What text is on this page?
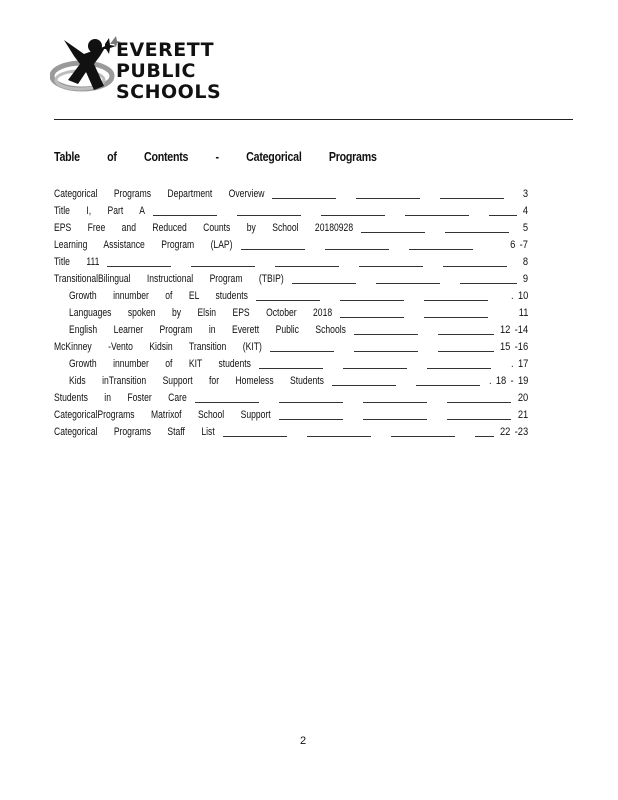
EVERETT
PUBLIC
SCHOOLS
Table of Contents - Categorical Programs
Categorical Programs Department Overview	3
Title I, Part A	4
EPS Free and Reduced Counts by School 20180928	5
Learning Assistance Program (LAP)	6 -7
Title 111	8
TransitionalBilingual Instructional Program (TBIP)	9
Growth innumber of EL students	. 10
Languages spoken by Elsin EPS October 2018	11
English Learner Program in Everett Public Schools	12 -14
McKinney -Vento Kidsin Transition (KIT)	15 -16
Growth innumber of KIT students	. 17
Kids inTransition Support for Homeless Students	. 18 - 19
Students in Foster Care	20
CategoricalPrograms Matrixof School Support	21
Categorical Programs Staff List	22 -23
2
